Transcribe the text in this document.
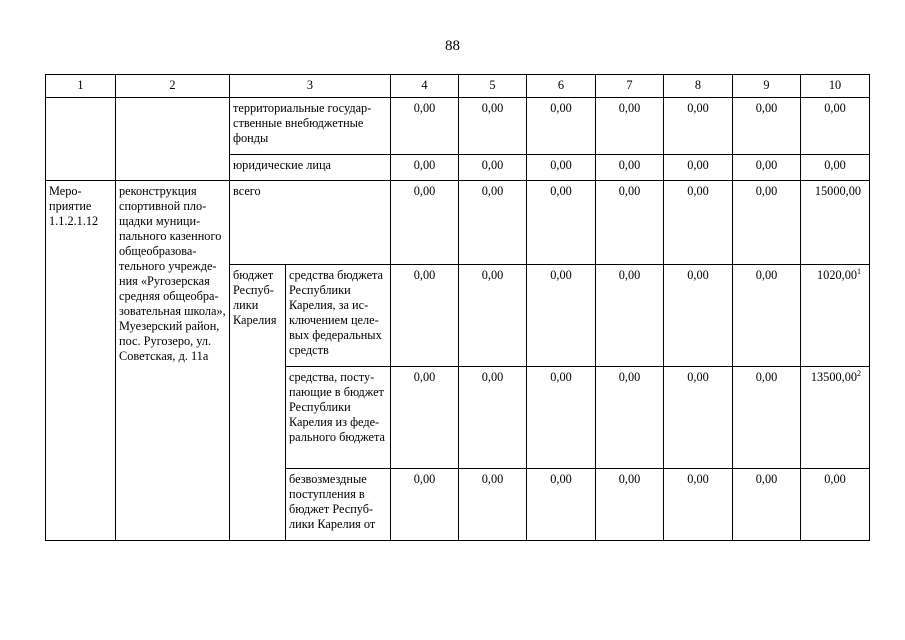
88
1	2	3		4	5	6	7	8	9	10
		территориальные государственные внебюджетные фонды		0,00	0,00	0,00	0,00	0,00	0,00	0,00
		юридические лица		0,00	0,00	0,00	0,00	0,00	0,00	0,00
Мероприятие 1.1.2.1.12	реконструкция спортивной площадки муниципального казенного общеобразовательного учреждения «Ругозерская средняя общеобразовательная школа», Муезерский район, пос. Ругозеро, ул. Советская, д. 11а	всего		0,00	0,00	0,00	0,00	0,00	0,00	15000,00
		бюджет Республики Карелия	средства бюджета Республики Карелия, за исключением целевых федеральных средств	0,00	0,00	0,00	0,00	0,00	0,00	1020,00$^1$
			средства, поступающие в бюджет Республики Карелия из федерального бюджета	0,00	0,00	0,00	0,00	0,00	0,00	13500,00$^2$
			безвозмездные поступления в бюджет Республики Карелия от	0,00	0,00	0,00	0,00	0,00	0,00	0,00
